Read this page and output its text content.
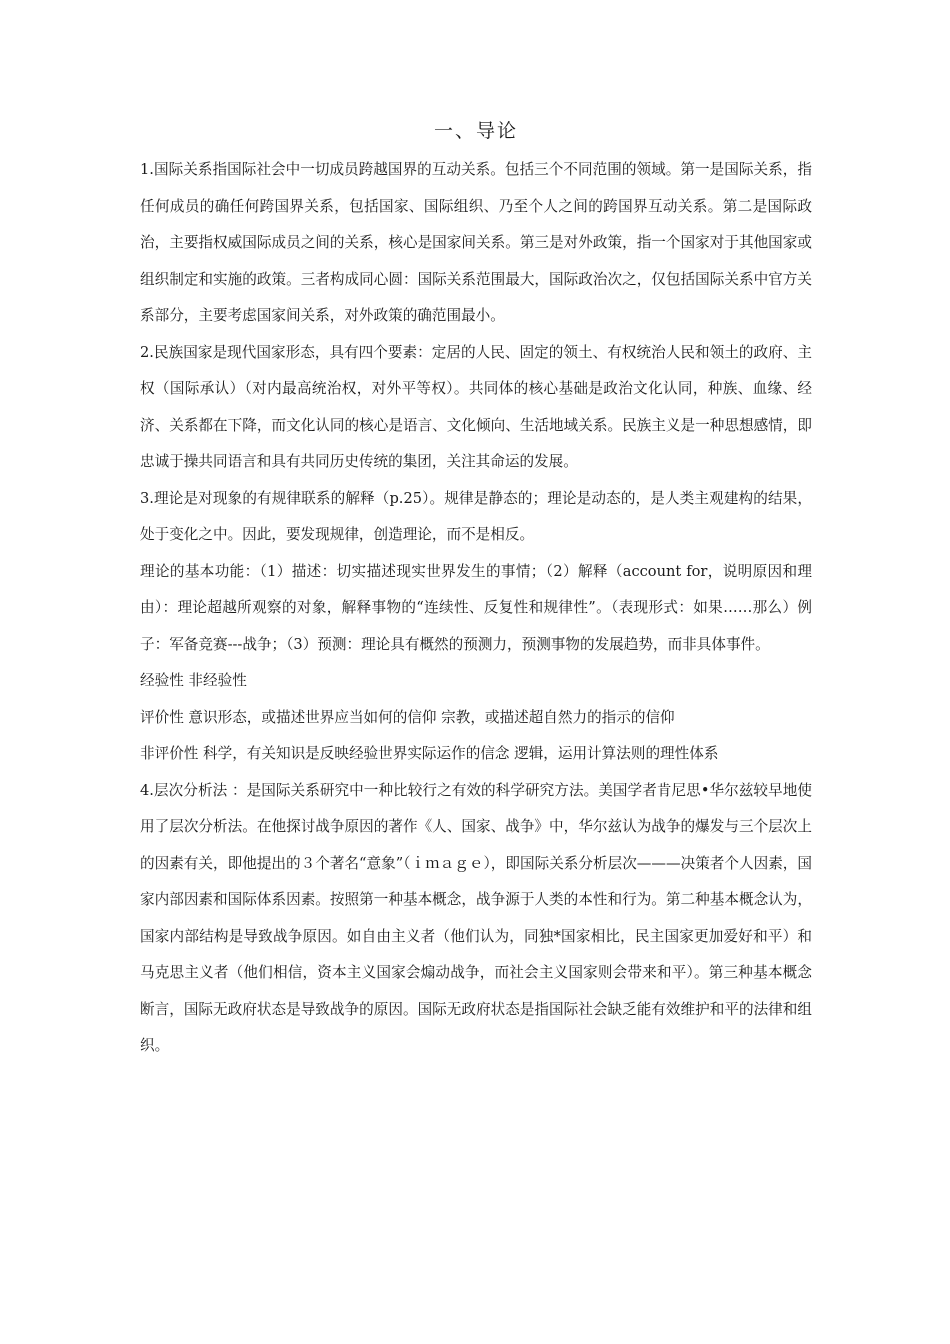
一、导论

1.国际关系指国际社会中一切成员跨越国界的互动关系。包括三个不同范围的领域。第一是国际关系，指任何成员的确任何跨国界关系，包括国家、国际组织、乃至个人之间的跨国界互动关系。第二是国际政治，主要指权威国际成员之间的关系，核心是国家间关系。第三是对外政策，指一个国家对于其他国家或组织制定和实施的政策。三者构成同心圆：国际关系范围最大，国际政治次之，仅包括国际关系中官方关系部分，主要考虑国家间关系，对外政策的确范围最小。

2.民族国家是现代国家形态，具有四个要素：定居的人民、固定的领土、有权统治人民和领土的政府、主权（国际承认）（对内最高统治权，对外平等权）。共同体的核心基础是政治文化认同，种族、血缘、经济、关系都在下降，而文化认同的核心是语言、文化倾向、生活地域关系。民族主义是一种思想感情，即忠诚于操共同语言和具有共同历史传统的集团，关注其命运的发展。

3.理论是对现象的有规律联系的解释（p.25）。规律是静态的；理论是动态的，是人类主观建构的结果，处于变化之中。因此，要发现规律，创造理论，而不是相反。

理论的基本功能：（1）描述：切实描述现实世界发生的事情；（2）解释（account for，说明原因和理由）：理论超越所观察的对象，解释事物的“连续性、反复性和规律性”。（表现形式：如果……那么）例子：军备竞赛---战争；（3）预测：理论具有概然的预测力，预测事物的发展趋势，而非具体事件。

经验性 非经验性

评价性 意识形态，或描述世界应当如何的信仰 宗教，或描述超自然力的指示的信仰

非评价性 科学，有关知识是反映经验世界实际运作的信念 逻辑，运用计算法则的理性体系

4.层次分析法 ：是国际关系研究中一种比较行之有效的科学研究方法。美国学者肯尼思•华尔兹较早地使用了层次分析法。在他探讨战争原因的著作《人、国家、战争》中，华尔兹认为战争的爆发与三个层次上的因素有关，即他提出的３个著名“意象”（ｉｍａｇｅ），即国际关系分析层次———决策者个人因素，国家内部因素和国际体系因素。按照第一种基本概念，战争源于人类的本性和行为。第二种基本概念认为，国家内部结构是导致战争原因。如自由主义者（他们认为，同独*国家相比，民主国家更加爱好和平）和马克思主义者（他们相信，资本主义国家会煽动战争，而社会主义国家则会带来和平）。第三种基本概念断言，国际无政府状态是导致战争的原因。国际无政府状态是指国际社会缺乏能有效维护和平的法律和组织。
